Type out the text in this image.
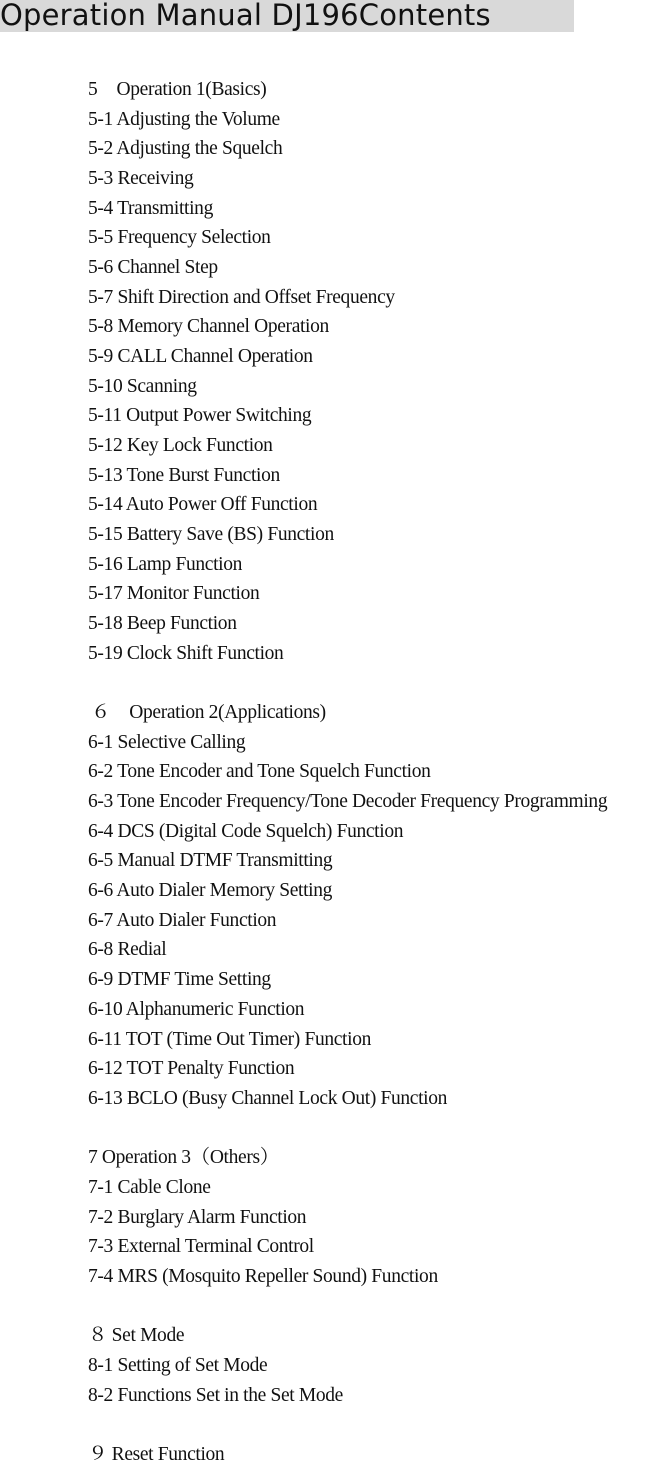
Operation Manual DJ196Contents
5　Operation 1(Basics)
5-1 Adjusting the Volume
5-2 Adjusting the Squelch
5-3 Receiving
5-4 Transmitting
5-5 Frequency Selection
5-6 Channel Step
5-7 Shift Direction and Offset Frequency
5-8 Memory Channel Operation
5-9 CALL Channel Operation
5-10 Scanning
5-11 Output Power Switching
5-12 Key Lock Function
5-13 Tone Burst Function
5-14 Auto Power Off Function
5-15 Battery Save (BS) Function
5-16 Lamp Function
5-17 Monitor Function
5-18 Beep Function
5-19 Clock Shift Function
６　Operation 2(Applications)
6-1 Selective Calling
6-2 Tone Encoder and Tone Squelch Function
6-3 Tone Encoder Frequency/Tone Decoder Frequency Programming
6-4 DCS (Digital Code Squelch) Function
6-5 Manual DTMF Transmitting
6-6 Auto Dialer Memory Setting
6-7 Auto Dialer Function
6-8 Redial
6-9 DTMF Time Setting
6-10 Alphanumeric Function
6-11 TOT (Time Out Timer) Function
6-12 TOT Penalty Function
6-13 BCLO (Busy Channel Lock Out) Function
7 Operation 3（Others）
7-1 Cable Clone
7-2 Burglary Alarm Function
7-3 External Terminal Control
7-4 MRS (Mosquito Repeller Sound) Function
８ Set Mode
8-1 Setting of Set Mode
8-2 Functions Set in the Set Mode
９ Reset Function
